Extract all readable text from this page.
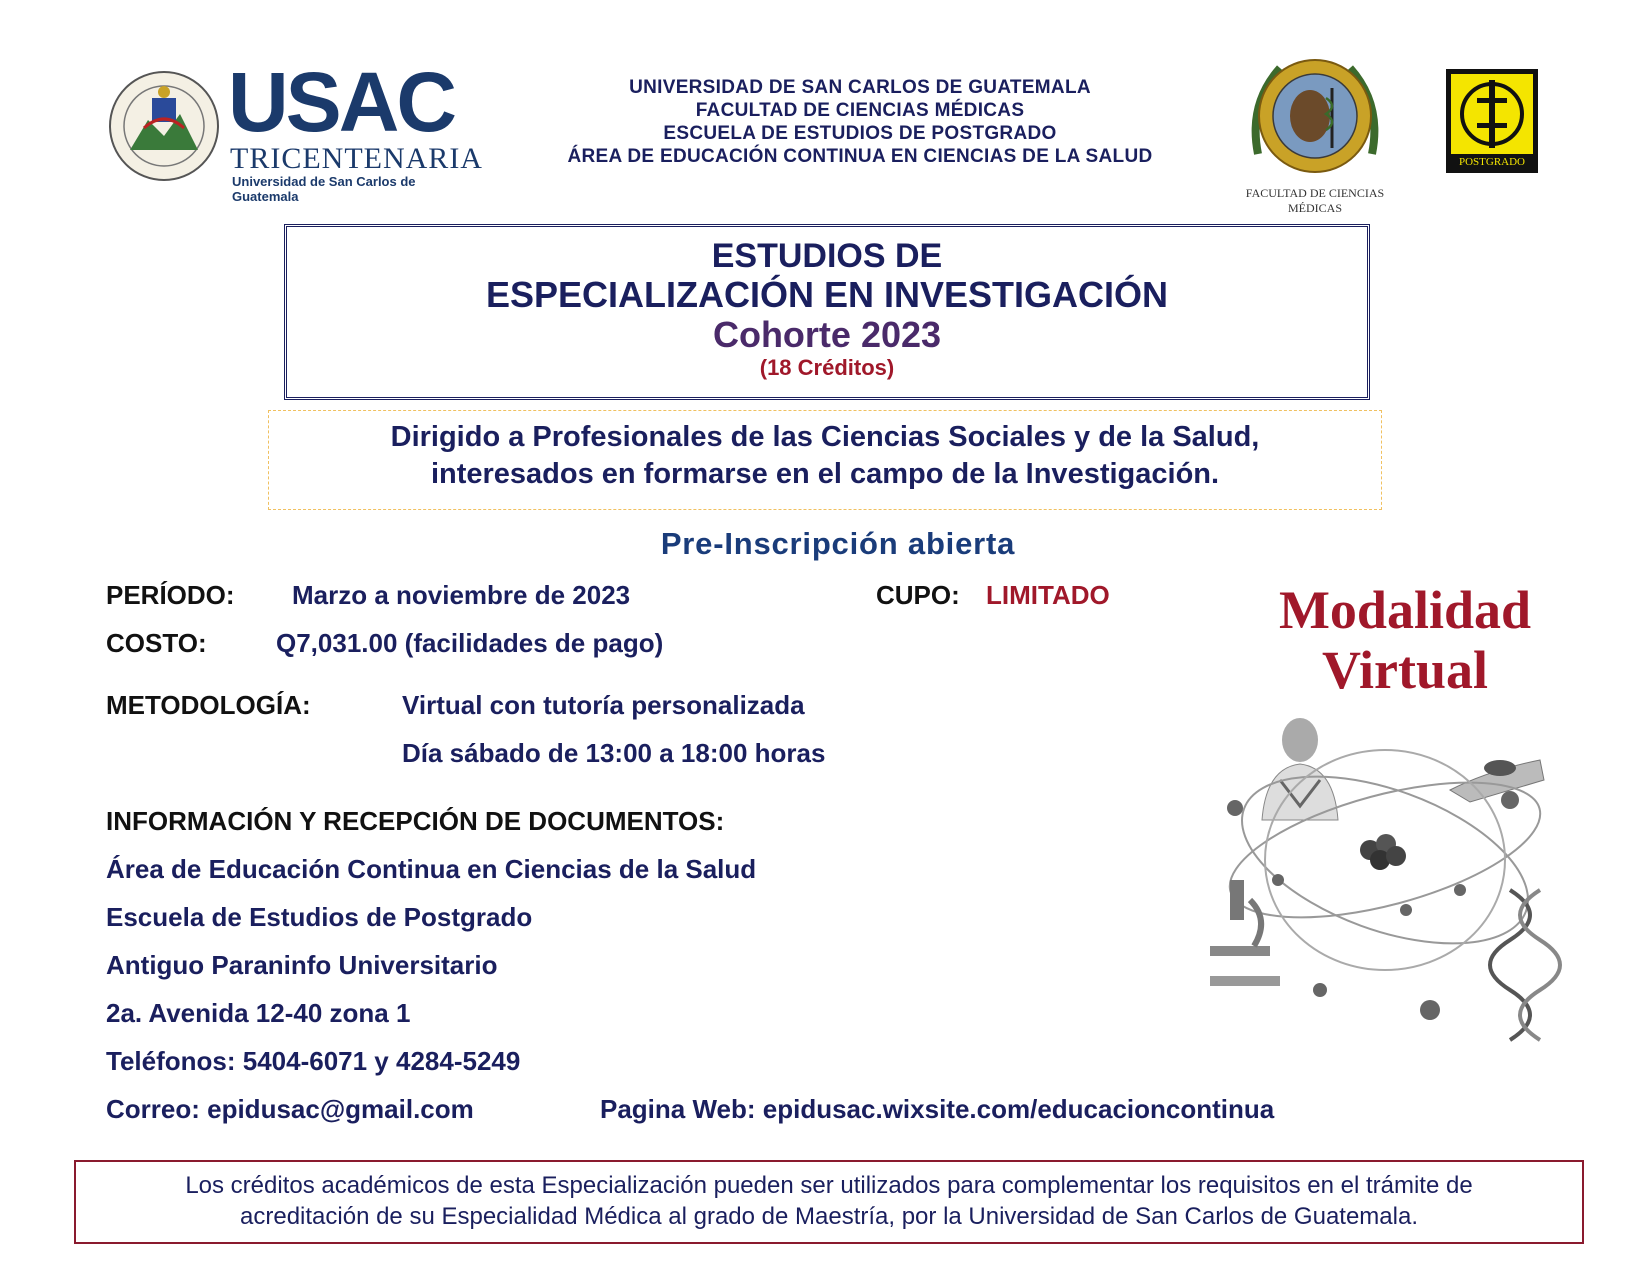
USAC
TRICENTENARIA
Universidad de San Carlos de Guatemala
UNIVERSIDAD DE SAN CARLOS DE GUATEMALA
FACULTAD DE CIENCIAS MÉDICAS
ESCUELA DE ESTUDIOS DE POSTGRADO
ÁREA DE EDUCACIÓN CONTINUA EN CIENCIAS DE LA SALUD
FACULTAD DE CIENCIAS MÉDICAS
POSTGRADO
ESTUDIOS DE
ESPECIALIZACIÓN EN INVESTIGACIÓN
Cohorte 2023
(18 Créditos)
Dirigido a Profesionales de las Ciencias Sociales y de la Salud,
interesados en formarse en el campo de la Investigación.
Pre-Inscripción abierta
PERÍODO: Marzo a noviembre de 2023	CUPO: LIMITADO
COSTO:	Q7,031.00 (facilidades de pago)
METODOLOGÍA:	Virtual con tutoría personalizada
Día sábado de 13:00 a 18:00 horas
INFORMACIÓN Y RECEPCIÓN DE DOCUMENTOS:
Área de Educación Continua en Ciencias de la Salud
Escuela de Estudios de Postgrado
Antiguo Paraninfo Universitario
2a. Avenida 12-40 zona 1
Teléfonos: 5404-6071 y 4284-5249
Correo: epidusac@gmail.com	Pagina Web: epidusac.wixsite.com/educacioncontinua
Modalidad
Virtual
Los créditos académicos de esta Especialización pueden ser utilizados para complementar los requisitos en el trámite de
acreditación de su Especialidad Médica al grado de Maestría, por la Universidad de San Carlos de Guatemala.
